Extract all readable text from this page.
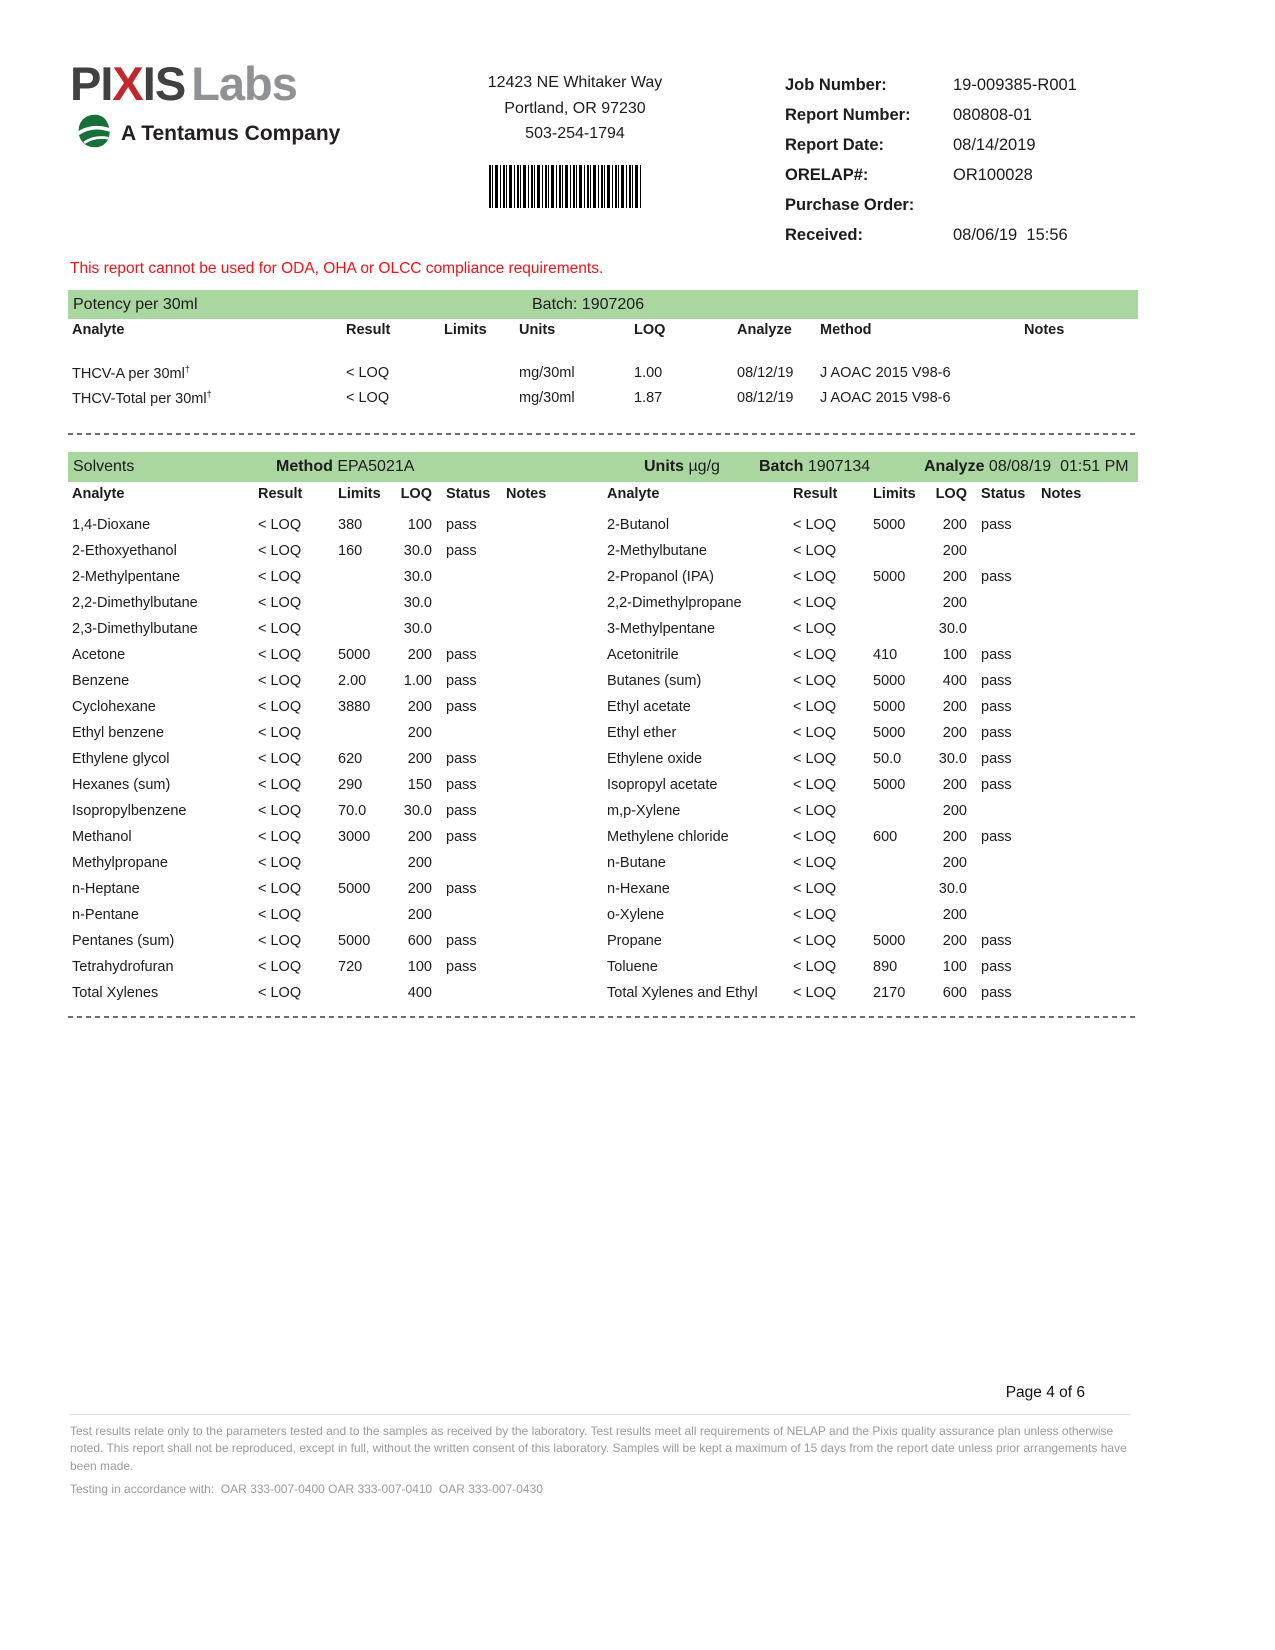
PIXIS Labs
A Tentamus Company
12423 NE Whitaker Way
Portland, OR 97230
503-254-1794
Job Number:	19-009385-R001
Report Number:	080808-01
Report Date:	08/14/2019
ORELAP#:	OR100028
Purchase Order:
Received:	08/06/19  15:56
This report cannot be used for ODA, OHA or OLCC compliance requirements.
Potency per 30ml	Batch: 1907206
Analyte	Result	Limits	Units	LOQ	Analyze	Method	Notes
THCV-A per 30ml†	< LOQ		mg/30ml	1.00	08/12/19	J AOAC 2015 V98-6	
THCV-Total per 30ml†	< LOQ		mg/30ml	1.87	08/12/19	J AOAC 2015 V98-6	
Solvents	Method EPA5021A	Units µg/g Batch 1907134	Analyze 08/08/19  01:51 PM
Analyte	Result	Limits	LOQ	Status	Notes
1,4-Dioxane	< LOQ	380	100	pass	
2-Ethoxyethanol	< LOQ	160	30.0	pass	
2-Methylpentane	< LOQ		30.0		
2,2-Dimethylbutane	< LOQ		30.0		
2,3-Dimethylbutane	< LOQ		30.0		
Acetone	< LOQ	5000	200	pass	
Benzene	< LOQ	2.00	1.00	pass	
Cyclohexane	< LOQ	3880	200	pass	
Ethyl benzene	< LOQ		200		
Ethylene glycol	< LOQ	620	200	pass	
Hexanes (sum)	< LOQ	290	150	pass	
Isopropylbenzene	< LOQ	70.0	30.0	pass	
Methanol	< LOQ	3000	200	pass	
Methylpropane	< LOQ		200		
n-Heptane	< LOQ	5000	200	pass	
n-Pentane	< LOQ		200		
Pentanes (sum)	< LOQ	5000	600	pass	
Tetrahydrofuran	< LOQ	720	100	pass	
Total Xylenes	< LOQ		400		
Analyte	Result	Limits	LOQ	Status	Notes
2-Butanol	< LOQ	5000	200	pass	
2-Methylbutane	< LOQ		200		
2-Propanol (IPA)	< LOQ	5000	200	pass	
2,2-Dimethylpropane	< LOQ		200		
3-Methylpentane	< LOQ		30.0		
Acetonitrile	< LOQ	410	100	pass	
Butanes (sum)	< LOQ	5000	400	pass	
Ethyl acetate	< LOQ	5000	200	pass	
Ethyl ether	< LOQ	5000	200	pass	
Ethylene oxide	< LOQ	50.0	30.0	pass	
Isopropyl acetate	< LOQ	5000	200	pass	
m,p-Xylene	< LOQ		200		
Methylene chloride	< LOQ	600	200	pass	
n-Butane	< LOQ		200		
n-Hexane	< LOQ		30.0		
o-Xylene	< LOQ		200		
Propane	< LOQ	5000	200	pass	
Toluene	< LOQ	890	100	pass	
Total Xylenes and Ethyl	< LOQ	2170	600	pass	
Page 4 of 6
Test results relate only to the parameters tested and to the samples as received by the laboratory. Test results meet all requirements of NELAP and the Pixis quality assurance plan unless otherwise noted. This report shall not be reproduced, except in full, without the written consent of this laboratory. Samples will be kept a maximum of 15 days from the report date unless prior arrangements have been made.
Testing in accordance with:  OAR 333-007-0400 OAR 333-007-0410  OAR 333-007-0430
